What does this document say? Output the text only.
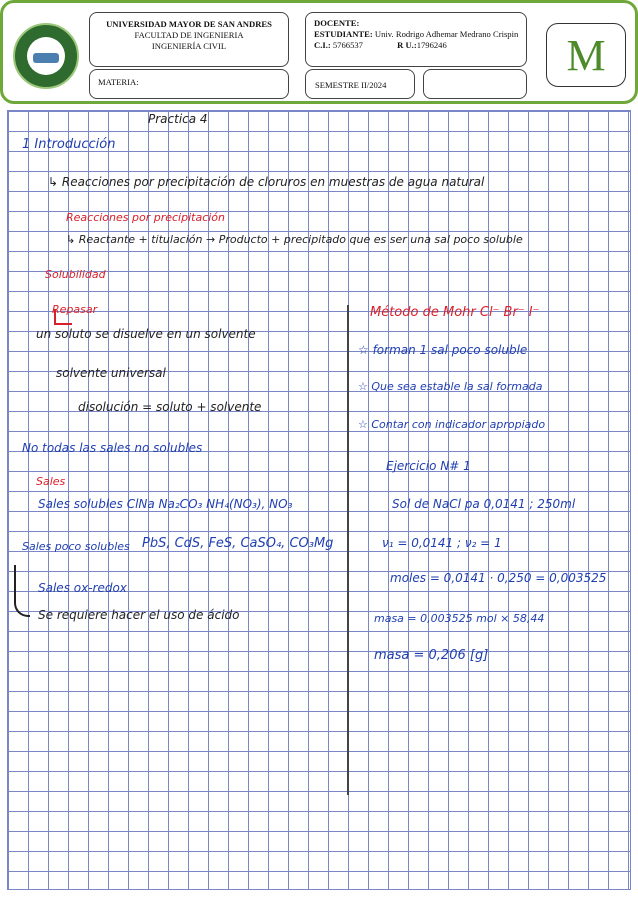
UNIVERSIDAD MAYOR DE SAN ANDRES
FACULTAD DE INGENIERIA
INGENIERÍA CIVIL
MATERIA:
DOCENTE:
ESTUDIANTE: Univ. Rodrigo Adhemar Medrano Crispin
C.I.: 5766537	R U.:1796246
SEMESTRE II/2024
M
Practica 4
1 Introducción
↳ Reacciones por precipitación de cloruros en muestras de agua natural
Reacciones por precipitación
↳ Reactante + titulación → Producto + precipitado que es ser una sal poco soluble
Solubilidad
Repasar
un soluto se disuelve en un solvente
solvente universal
disolución = soluto + solvente
No todas las sales no solubles
Sales
Sales solubles ClNa Na₂CO₃ NH₄(NO₃), NO₃
Sales poco solubles PbS, CdS, FeS, CaSO₄, CO₃Mg
Sales ox-redox
Se requiere hacer el uso de ácido
Método de Mohr Cl⁻ Br⁻ I⁻
☆ forman 1 sal poco soluble
☆ Que sea estable la sal formada
☆ Contar con indicador apropiado
Ejercicio N# 1
Sol de NaCl pa 0,0141 ; 250ml
ν₁ = 0,0141 ; ν₂ = 1
moles = 0,0141 · 0,250 = 0,003525
masa = 0,003525 mol × 58,44
masa = 0,206 [g]
